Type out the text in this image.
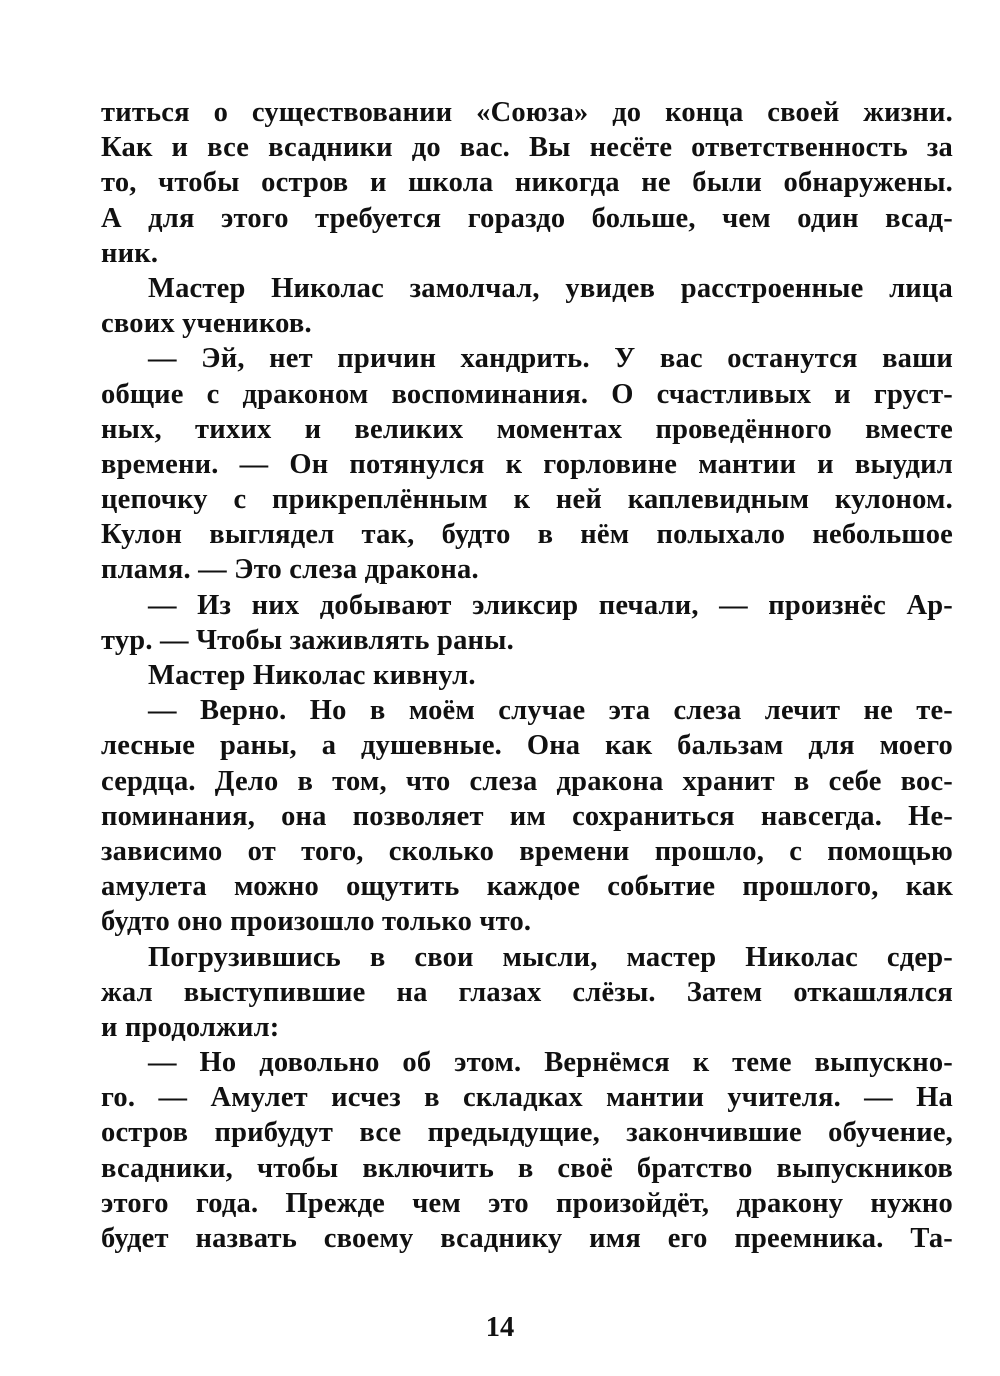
титься о существовании «Союза» до конца своей жизни.
Как и все всадники до вас. Вы несёте ответственность за
то, чтобы остров и школа никогда не были обнаружены.
А для этого требуется гораздо больше, чем один всад-
ник.
Мастер Николас замолчал, увидев расстроенные лица
своих учеников.
— Эй, нет причин хандрить. У вас останутся ваши
общие с драконом воспоминания. О счастливых и груст-
ных, тихих и великих моментах проведённого вместе
времени. — Он потянулся к горловине мантии и выудил
цепочку с прикреплённым к ней каплевидным кулоном.
Кулон выглядел так, будто в нём полыхало небольшое
пламя. — Это слеза дракона.
— Из них добывают эликсир печали, — произнёс Ар-
тур. — Чтобы заживлять раны.
Мастер Николас кивнул.
— Верно. Но в моём случае эта слеза лечит не те-
лесные раны, а душевные. Она как бальзам для моего
сердца. Дело в том, что слеза дракона хранит в себе вос-
поминания, она позволяет им сохраниться навсегда. Не-
зависимо от того, сколько времени прошло, с помощью
амулета можно ощутить каждое событие прошлого, как
будто оно произошло только что.
Погрузившись в свои мысли, мастер Николас сдер-
жал выступившие на глазах слёзы. Затем откашлялся
и продолжил:
— Но довольно об этом. Вернёмся к теме выпускно-
го. — Амулет исчез в складках мантии учителя. — На
остров прибудут все предыдущие, закончившие обучение,
всадники, чтобы включить в своё братство выпускников
этого года. Прежде чем это произойдёт, дракону нужно
будет назвать своему всаднику имя его преемника. Та-
14
